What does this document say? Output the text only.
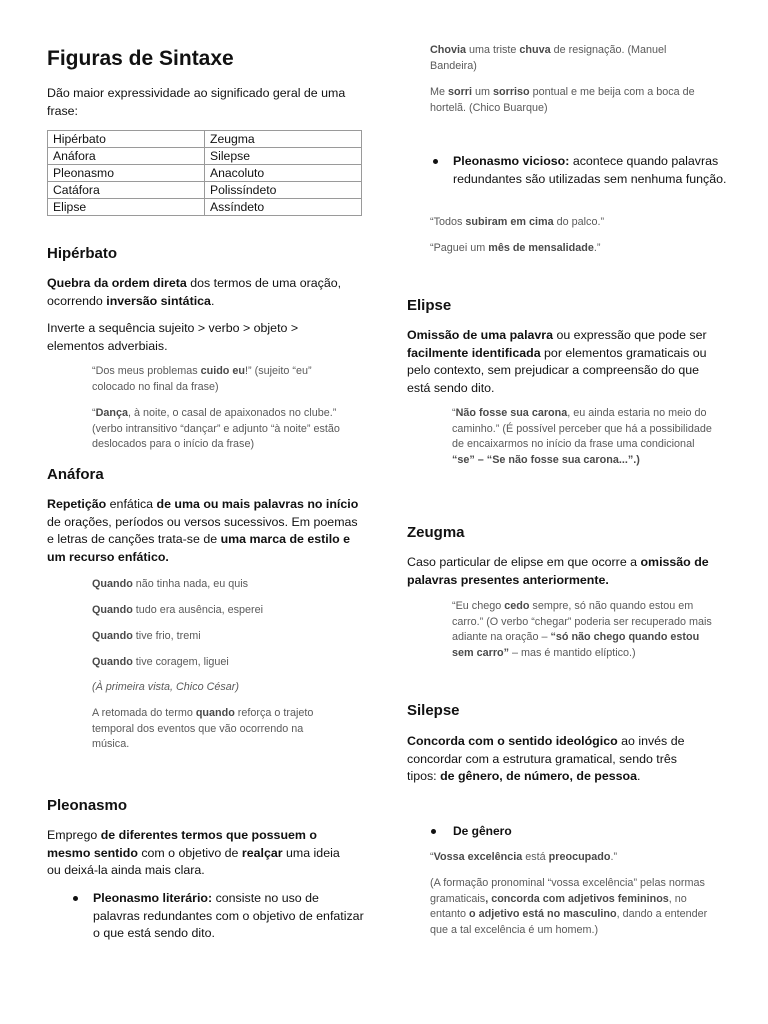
Figuras de Sintaxe

Dão maior expressividade ao significado geral de uma frase:

Hipérbato	Zeugma
Anáfora	Silepse
Pleonasmo	Anacoluto
Catáfora	Polissíndeto
Elipse	Assíndeto
Hipérbato

Quebra da ordem direta dos termos de uma oração, ocorrendo inversão sintática.

Inverte a sequência sujeito > verbo > objeto > elementos adverbiais.

“Dos meus problemas cuido eu!” (sujeito “eu” colocado no final da frase)

“Dança, à noite, o casal de apaixonados no clube.” (verbo intransitivo “dançar” e adjunto “à noite” estão deslocados para o início da frase)

Anáfora

Repetição enfática de uma ou mais palavras no início de orações, períodos ou versos sucessivos. Em poemas e letras de canções trata-se de uma marca de estilo e um recurso enfático.

Quando não tinha nada, eu quis

Quando tudo era ausência, esperei

Quando tive frio, tremi

Quando tive coragem, liguei

(À primeira vista, Chico César)

A retomada do termo quando reforça o trajeto temporal dos eventos que vão ocorrendo na música.

Pleonasmo

Emprego de diferentes termos que possuem o mesmo sentido com o objetivo de realçar uma ideia ou deixá-la ainda mais clara.

Pleonasmo literário: consiste no uso de palavras redundantes com o objetivo de enfatizar o que está sendo dito.

Chovia uma triste chuva de resignação. (Manuel Bandeira)

Me sorri um sorriso pontual e me beija com a boca de hortelã. (Chico Buarque)

Pleonasmo vicioso: acontece quando palavras redundantes são utilizadas sem nenhuma função.

“Todos subiram em cima do palco.”

“Paguei um mês de mensalidade.”

Elipse

Omissão de uma palavra ou expressão que pode ser facilmente identificada por elementos gramaticais ou pelo contexto, sem prejudicar a compreensão do que está sendo dito.

“Não fosse sua carona, eu ainda estaria no meio do caminho.” (É possível perceber que há a possibilidade de encaixarmos no início da frase uma condicional “se” – “Se não fosse sua carona...”.)

Zeugma

Caso particular de elipse em que ocorre a omissão de palavras presentes anteriormente.

“Eu chego cedo sempre, só não quando estou em carro.” (O verbo “chegar” poderia ser recuperado mais adiante na oração – “só não chego quando estou sem carro” – mas é mantido elíptico.)

Silepse

Concorda com o sentido ideológico ao invés de concordar com a estrutura gramatical, sendo três tipos: de gênero, de número, de pessoa.

De gênero

“Vossa excelência está preocupado.”

(A formação pronominal “vossa excelência” pelas normas gramaticais, concorda com adjetivos femininos, no entanto o adjetivo está no masculino, dando a entender que a tal excelência é um homem.)
